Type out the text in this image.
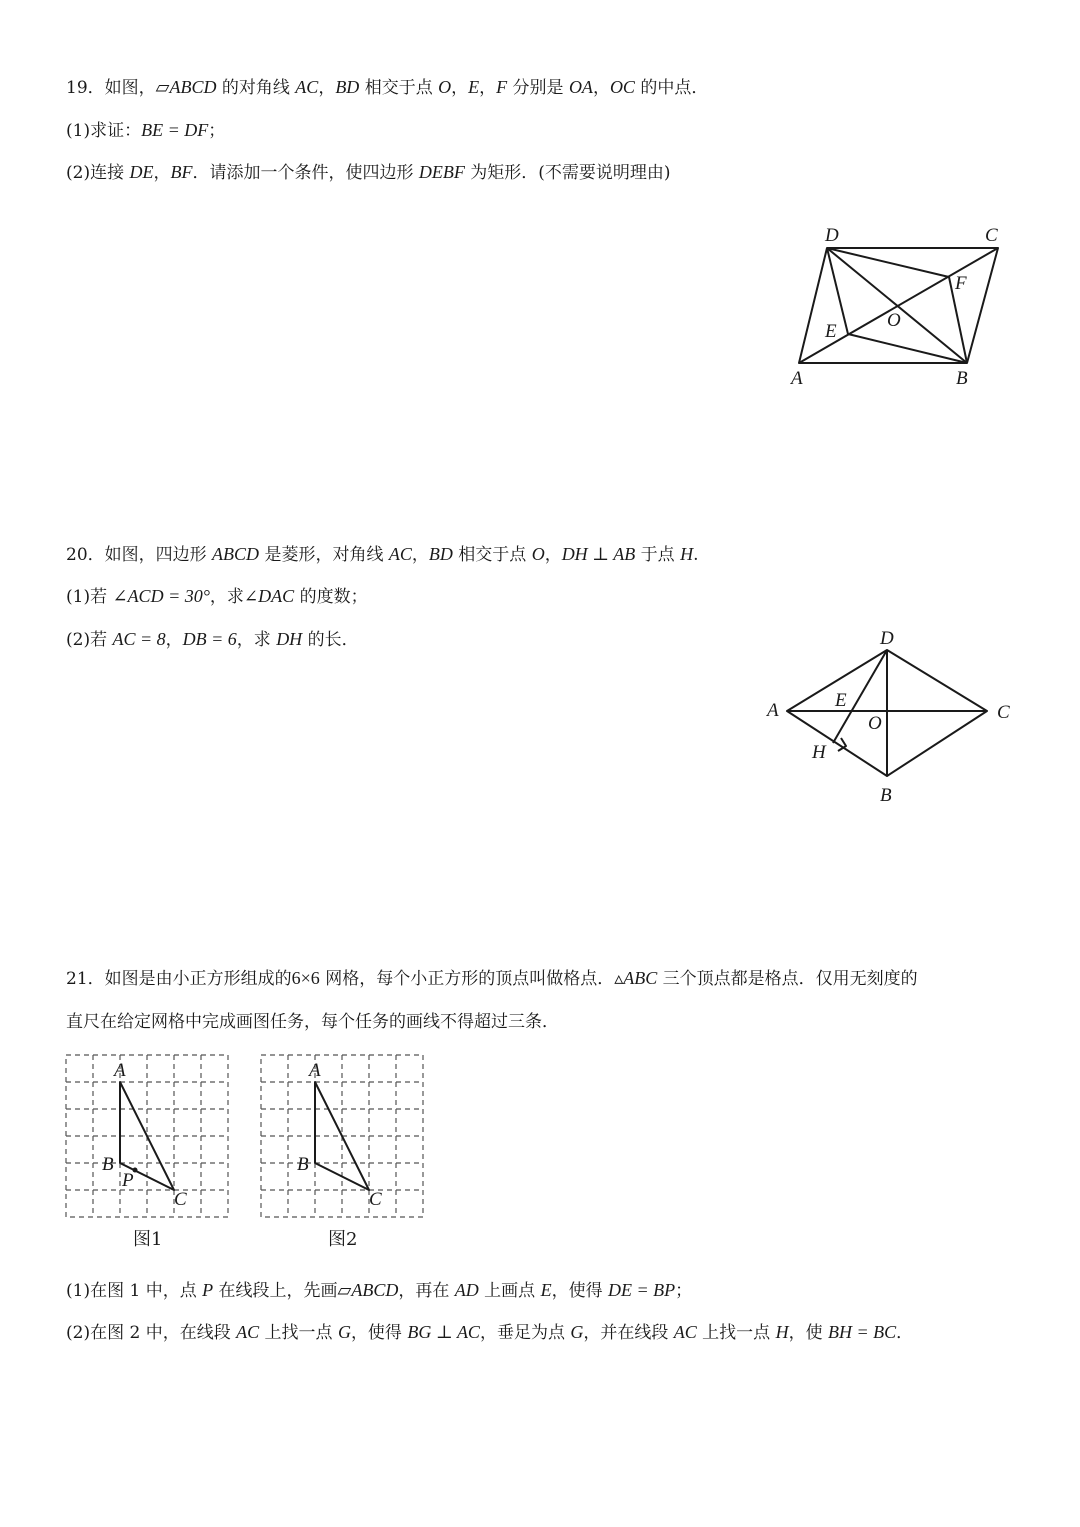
19．如图，▱ABCD 的对角线 AC，BD 相交于点 O，E，F 分别是 OA，OC 的中点．
(1)求证：BE = DF；
(2)连接 DE，BF．请添加一个条件，使四边形 DEBF 为矩形．(不需要说明理由)
D	C
F
O
E
A	B
20．如图，四边形 ABCD 是菱形，对角线 AC，BD 相交于点 O，DH ⊥ AB 于点 H.
(1)若 ∠ACD = 30°，求∠DAC 的度数；
(2)若 AC = 8，DB = 6，求 DH 的长．	D
A	E
O
C
H
B
21．如图是由小正方形组成的6×6 网格，每个小正方形的顶点叫做格点．▵ABC 三个顶点都是格点．仅用无刻度的
直尺在给定网格中完成画图任务，每个任务的画线不得超过三条．
A
B
P
C
图1
A
B
C
图2
(1)在图 1 中，点 P 在线段上，先画▱ABCD，再在 AD 上画点 E，使得 DE = BP；
(2)在图 2 中，在线段 AC 上找一点 G，使得 BG ⊥ AC，垂足为点 G，并在线段 AC 上找一点 H，使 BH = BC．
